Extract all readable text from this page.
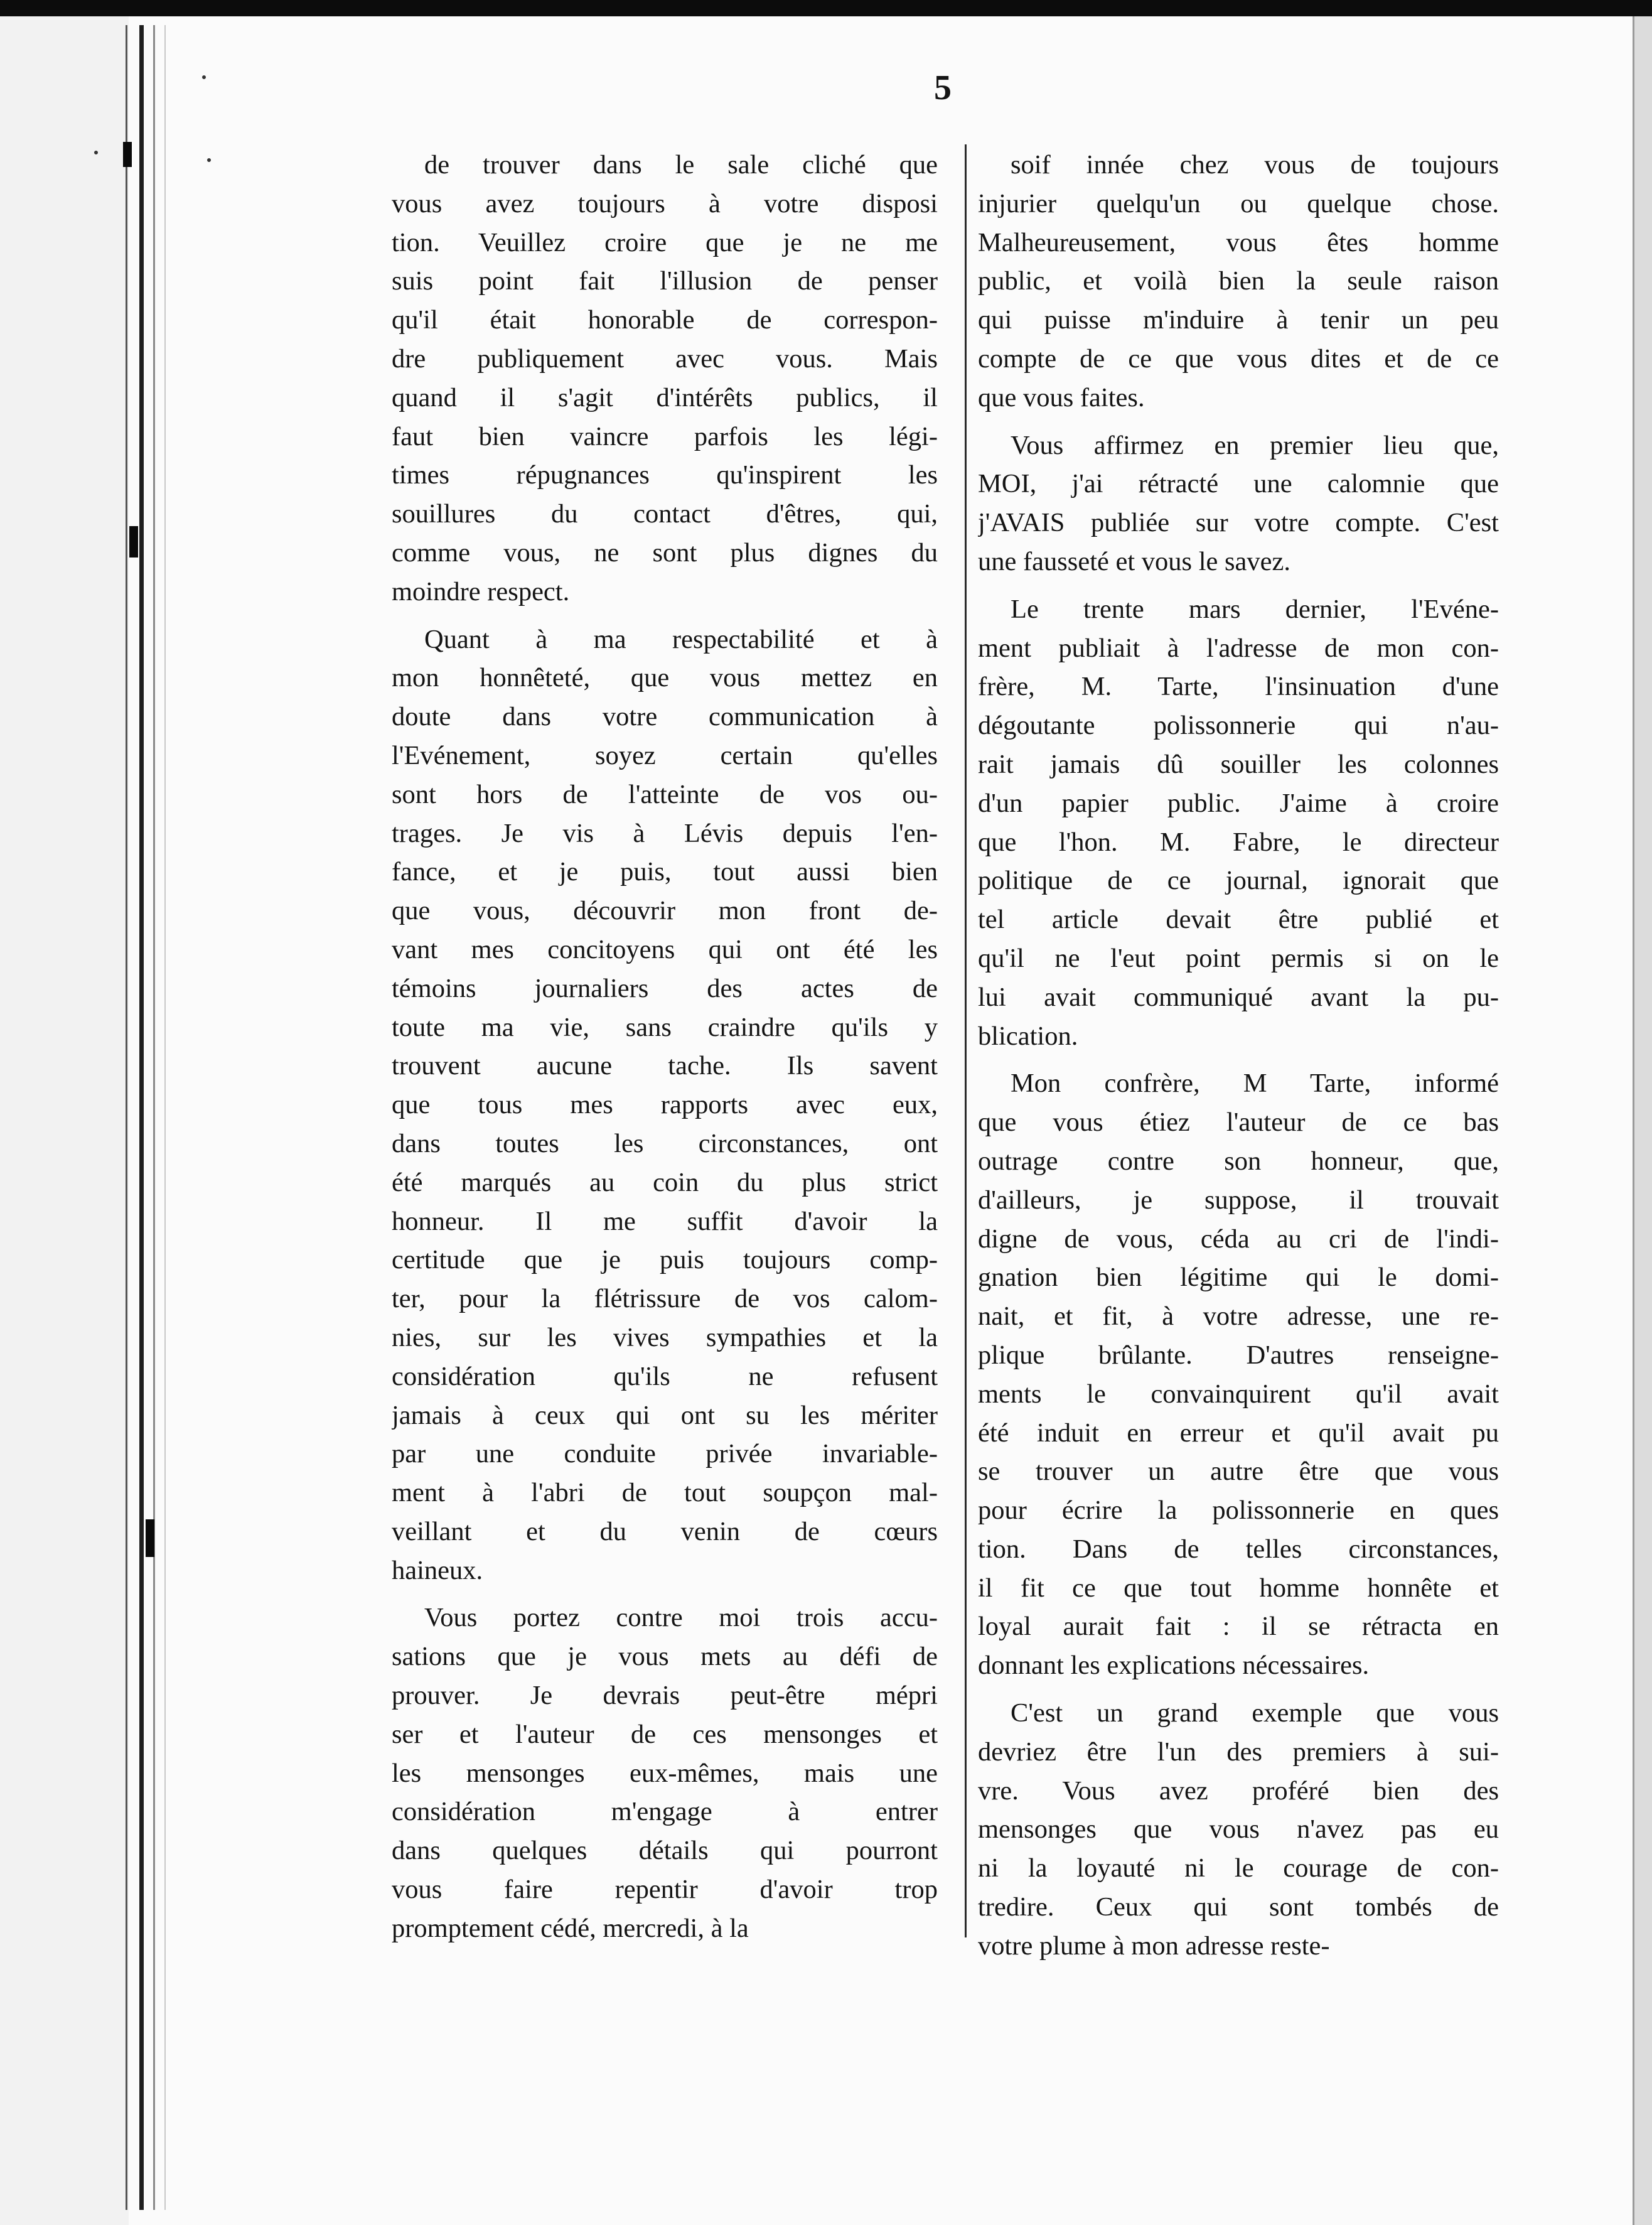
5
de trouver dans le sale cliché que
vous avez toujours à votre disposi
tion. Veuillez croire que je ne me
suis point fait l'illusion de penser
qu'il était honorable de correspon-
dre publiquement avec vous. Mais
quand il s'agit d'intérêts publics, il
faut bien vaincre parfois les légi-
times répugnances qu'inspirent les
souillures du contact d'êtres, qui,
comme vous, ne sont plus dignes du
moindre respect.
Quant à ma respectabilité et à
mon honnêteté, que vous mettez en
doute dans votre communication à
l'Evénement, soyez certain qu'elles
sont hors de l'atteinte de vos ou-
trages. Je vis à Lévis depuis l'en-
fance, et je puis, tout aussi bien
que vous, découvrir mon front de-
vant mes concitoyens qui ont été les
témoins journaliers des actes de
toute ma vie, sans craindre qu'ils y
trouvent aucune tache. Ils savent
que tous mes rapports avec eux,
dans toutes les circonstances, ont
été marqués au coin du plus strict
honneur. Il me suffit d'avoir la
certitude que je puis toujours comp-
ter, pour la flétrissure de vos calom-
nies, sur les vives sympathies et la
considération qu'ils ne refusent
jamais à ceux qui ont su les mériter
par une conduite privée invariable-
ment à l'abri de tout soupçon mal-
veillant et du venin de cœurs
haineux.
Vous portez contre moi trois accu-
sations que je vous mets au défi de
prouver. Je devrais peut-être mépri
ser et l'auteur de ces mensonges et
les mensonges eux-mêmes, mais une
considération m'engage à entrer
dans quelques détails qui pourront
vous faire repentir d'avoir trop
promptement cédé, mercredi, à la
soif innée chez vous de toujours
injurier quelqu'un ou quelque chose.
Malheureusement, vous êtes homme
public, et voilà bien la seule raison
qui puisse m'induire à tenir un peu
compte de ce que vous dites et de ce
que vous faites.
Vous affirmez en premier lieu que,
MOI, j'ai rétracté une calomnie que
j'AVAIS publiée sur votre compte. C'est
une fausseté et vous le savez.
Le trente mars dernier, l'Evéne-
ment publiait à l'adresse de mon con-
frère, M. Tarte, l'insinuation d'une
dégoutante polissonnerie qui n'au-
rait jamais dû souiller les colonnes
d'un papier public. J'aime à croire
que l'hon. M. Fabre, le directeur
politique de ce journal, ignorait que
tel article devait être publié et
qu'il ne l'eut point permis si on le
lui avait communiqué avant la pu-
blication.
Mon confrère, M Tarte, informé
que vous étiez l'auteur de ce bas
outrage contre son honneur, que,
d'ailleurs, je suppose, il trouvait
digne de vous, céda au cri de l'indi-
gnation bien légitime qui le domi-
nait, et fit, à votre adresse, une re-
plique brûlante. D'autres renseigne-
ments le convainquirent qu'il avait
été induit en erreur et qu'il avait pu
se trouver un autre être que vous
pour écrire la polissonnerie en ques
tion. Dans de telles circonstances,
il fit ce que tout homme honnête et
loyal aurait fait : il se rétracta en
donnant les explications nécessaires.
C'est un grand exemple que vous
devriez être l'un des premiers à sui-
vre. Vous avez proféré bien des
mensonges que vous n'avez pas eu
ni la loyauté ni le courage de con-
tredire. Ceux qui sont tombés de
votre plume à mon adresse reste-
